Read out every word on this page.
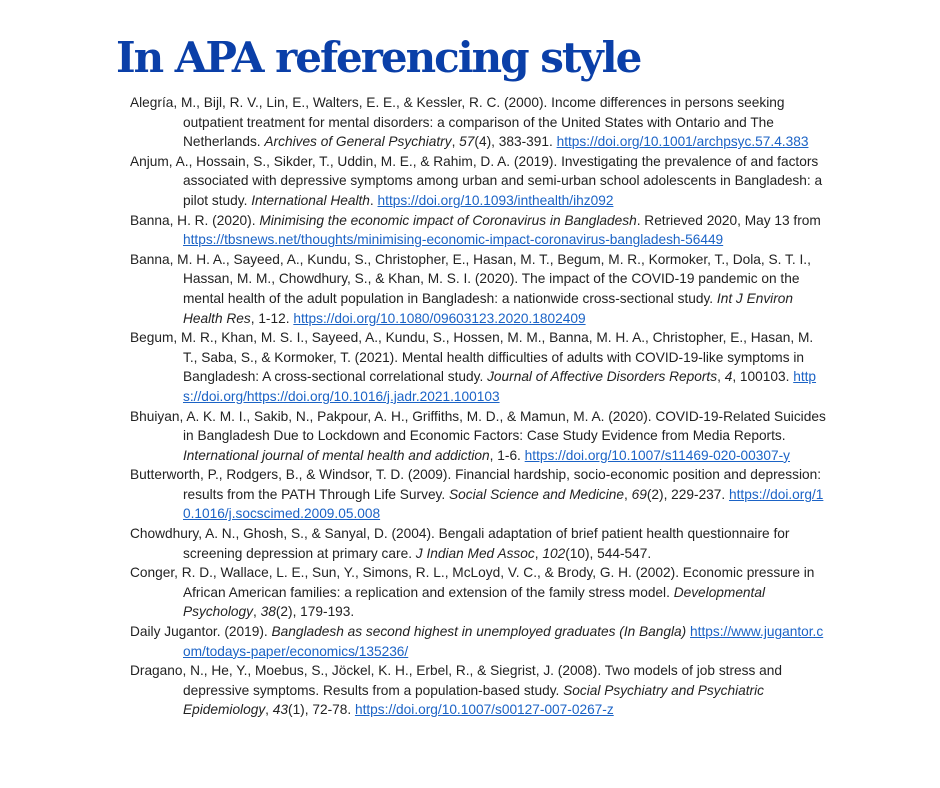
In APA referencing style
Alegría, M., Bijl, R. V., Lin, E., Walters, E. E., & Kessler, R. C. (2000). Income differences in persons seeking outpatient treatment for mental disorders: a comparison of the United States with Ontario and The Netherlands. Archives of General Psychiatry, 57(4), 383-391. https://doi.org/10.1001/archpsyc.57.4.383
Anjum, A., Hossain, S., Sikder, T., Uddin, M. E., & Rahim, D. A. (2019). Investigating the prevalence of and factors associated with depressive symptoms among urban and semi-urban school adolescents in Bangladesh: a pilot study. International Health. https://doi.org/10.1093/inthealth/ihz092
Banna, H. R. (2020). Minimising the economic impact of Coronavirus in Bangladesh. Retrieved 2020, May 13 from https://tbsnews.net/thoughts/minimising-economic-impact-coronavirus-bangladesh-56449
Banna, M. H. A., Sayeed, A., Kundu, S., Christopher, E., Hasan, M. T., Begum, M. R., Kormoker, T., Dola, S. T. I., Hassan, M. M., Chowdhury, S., & Khan, M. S. I. (2020). The impact of the COVID-19 pandemic on the mental health of the adult population in Bangladesh: a nationwide cross-sectional study. Int J Environ Health Res, 1-12. https://doi.org/10.1080/09603123.2020.1802409
Begum, M. R., Khan, M. S. I., Sayeed, A., Kundu, S., Hossen, M. M., Banna, M. H. A., Christopher, E., Hasan, M. T., Saba, S., & Kormoker, T. (2021). Mental health difficulties of adults with COVID-19-like symptoms in Bangladesh: A cross-sectional correlational study. Journal of Affective Disorders Reports, 4, 100103. https://doi.org/https://doi.org/10.1016/j.jadr.2021.100103
Bhuiyan, A. K. M. I., Sakib, N., Pakpour, A. H., Griffiths, M. D., & Mamun, M. A. (2020). COVID-19-Related Suicides in Bangladesh Due to Lockdown and Economic Factors: Case Study Evidence from Media Reports. International journal of mental health and addiction, 1-6. https://doi.org/10.1007/s11469-020-00307-y
Butterworth, P., Rodgers, B., & Windsor, T. D. (2009). Financial hardship, socio-economic position and depression: results from the PATH Through Life Survey. Social Science and Medicine, 69(2), 229-237. https://doi.org/10.1016/j.socscimed.2009.05.008
Chowdhury, A. N., Ghosh, S., & Sanyal, D. (2004). Bengali adaptation of brief patient health questionnaire for screening depression at primary care. J Indian Med Assoc, 102(10), 544-547.
Conger, R. D., Wallace, L. E., Sun, Y., Simons, R. L., McLoyd, V. C., & Brody, G. H. (2002). Economic pressure in African American families: a replication and extension of the family stress model. Developmental Psychology, 38(2), 179-193.
Daily Jugantor. (2019). Bangladesh as second highest in unemployed graduates (In Bangla) https://www.jugantor.com/todays-paper/economics/135236/
Dragano, N., He, Y., Moebus, S., Jöckel, K. H., Erbel, R., & Siegrist, J. (2008). Two models of job stress and depressive symptoms. Results from a population-based study. Social Psychiatry and Psychiatric Epidemiology, 43(1), 72-78. https://doi.org/10.1007/s00127-007-0267-z
